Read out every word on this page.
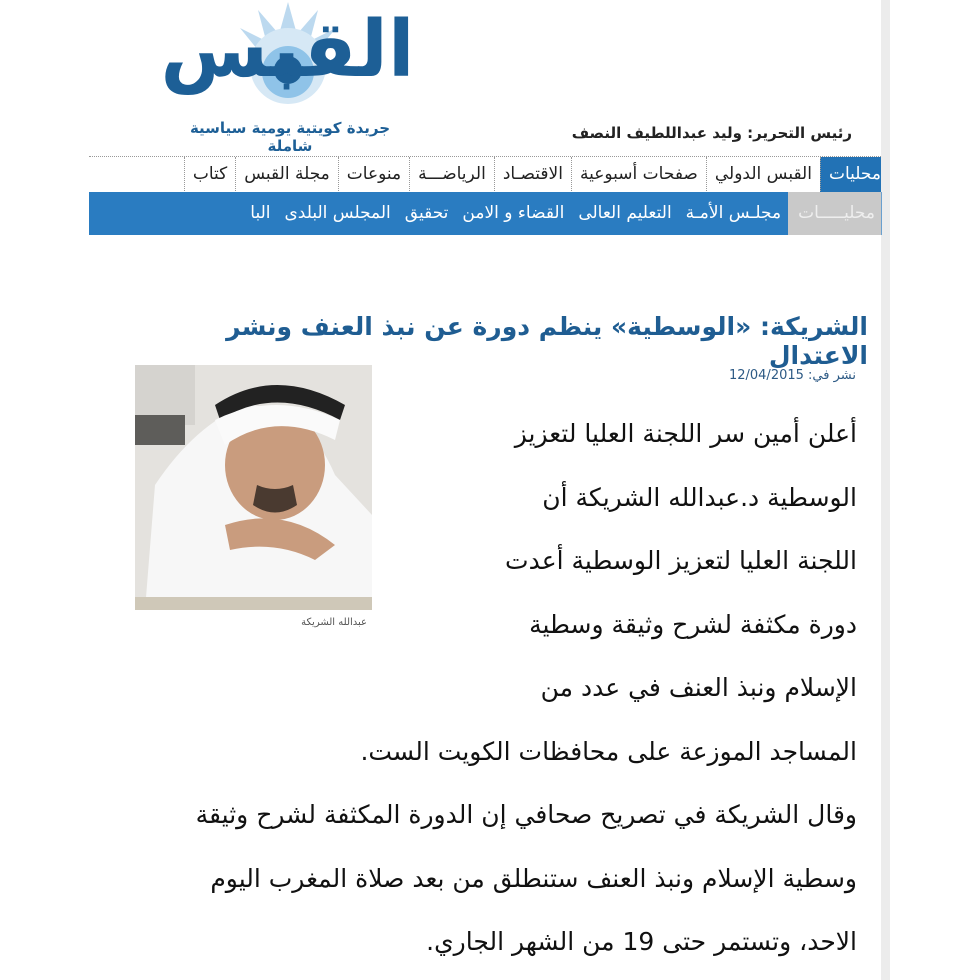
القبس
جريدة كويتية يومية سياسية شاملة
رئيس التحرير: وليد عبداللطيف النصف
محليات
القبس الدولي
صفحات أسبوعية
الاقتصـاد
الرياضـــة
منوعات
مجلة القبس
كتاب
محليـــــات
مجلـس الأمـة
التعليم العالى
القضاء و الامن
تحقيق
المجلس البلدى
البا
الشريكة: «الوسطية» ينظم دورة عن نبذ العنف ونشر الاعتدال
نشر في: 12/04/2015
عبدالله الشريكة
أعلن أمين سر اللجنة العليا لتعزيز
الوسطية د.عبدالله الشريكة أن
اللجنة العليا لتعزيز الوسطية أعدت
دورة مكثفة لشرح وثيقة وسطية
الإسلام ونبذ العنف في عدد من
المساجد الموزعة على محافظات الكويت الست.
وقال الشريكة في تصريح صحافي إن الدورة المكثفة لشرح وثيقة
وسطية الإسلام ونبذ العنف ستنطلق من بعد صلاة المغرب اليوم
الاحد، وتستمر حتى 19 من الشهر الجاري.
